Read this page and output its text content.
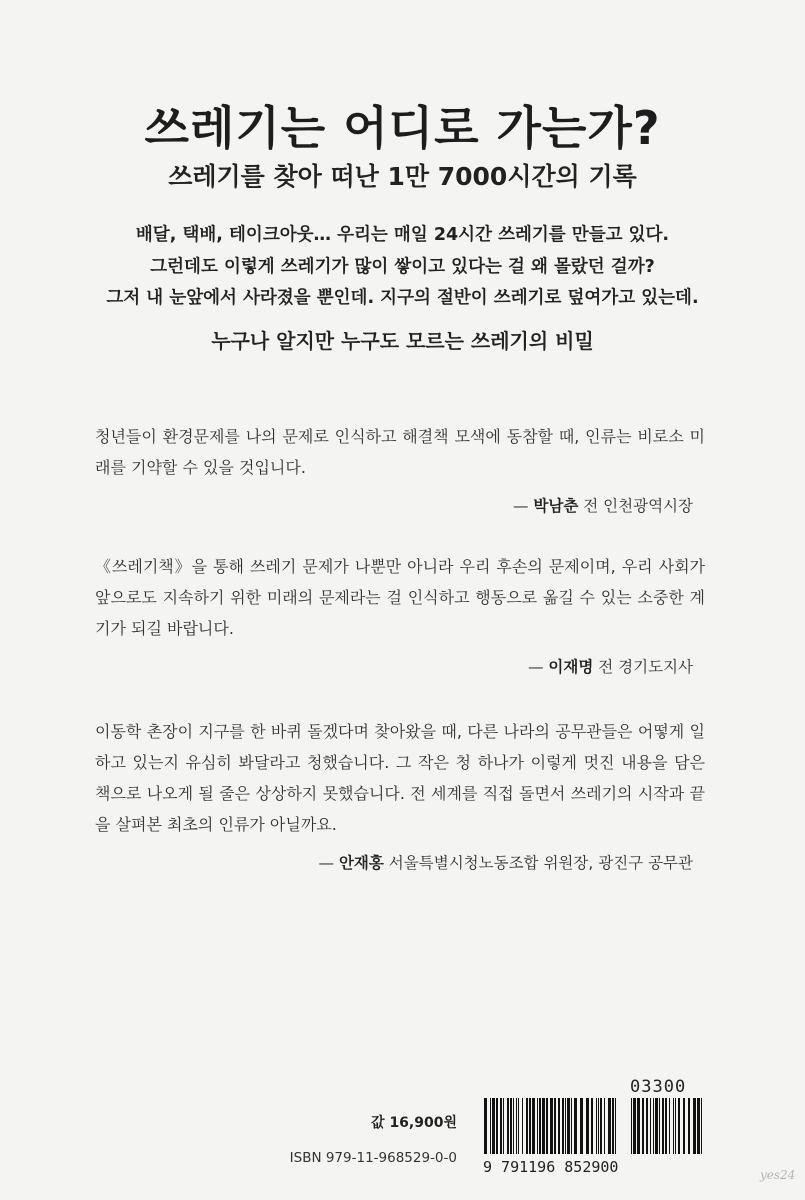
쓰레기는 어디로 가는가?
쓰레기를 찾아 떠난 1만 7000시간의 기록
배달, 택배, 테이크아웃… 우리는 매일 24시간 쓰레기를 만들고 있다.
그런데도 이렇게 쓰레기가 많이 쌓이고 있다는 걸 왜 몰랐던 걸까?
그저 내 눈앞에서 사라졌을 뿐인데. 지구의 절반이 쓰레기로 덮여가고 있는데.
누구나 알지만 누구도 모르는 쓰레기의 비밀

청년들이 환경문제를 나의 문제로 인식하고 해결책 모색에 동참할 때, 인류는 비로소 미래를 기약할 수 있을 것입니다.

— 박남춘 전 인천광역시장

《쓰레기책》을 통해 쓰레기 문제가 나뿐만 아니라 우리 후손의 문제이며, 우리 사회가 앞으로도 지속하기 위한 미래의 문제라는 걸 인식하고 행동으로 옮길 수 있는 소중한 계기가 되길 바랍니다.

— 이재명 전 경기도지사

이동학 촌장이 지구를 한 바퀴 돌겠다며 찾아왔을 때, 다른 나라의 공무관들은 어떻게 일하고 있는지 유심히 봐달라고 청했습니다. 그 작은 청 하나가 이렇게 멋진 내용을 담은 책으로 나오게 될 줄은 상상하지 못했습니다. 전 세계를 직접 돌면서 쓰레기의 시작과 끝을 살펴본 최초의 인류가 아닐까요.

— 안재홍 서울특별시청노동조합 위원장, 광진구 공무관
값 16,900원
ISBN 979-11-968529-0-0
03300
9 791196 852900	yes24
